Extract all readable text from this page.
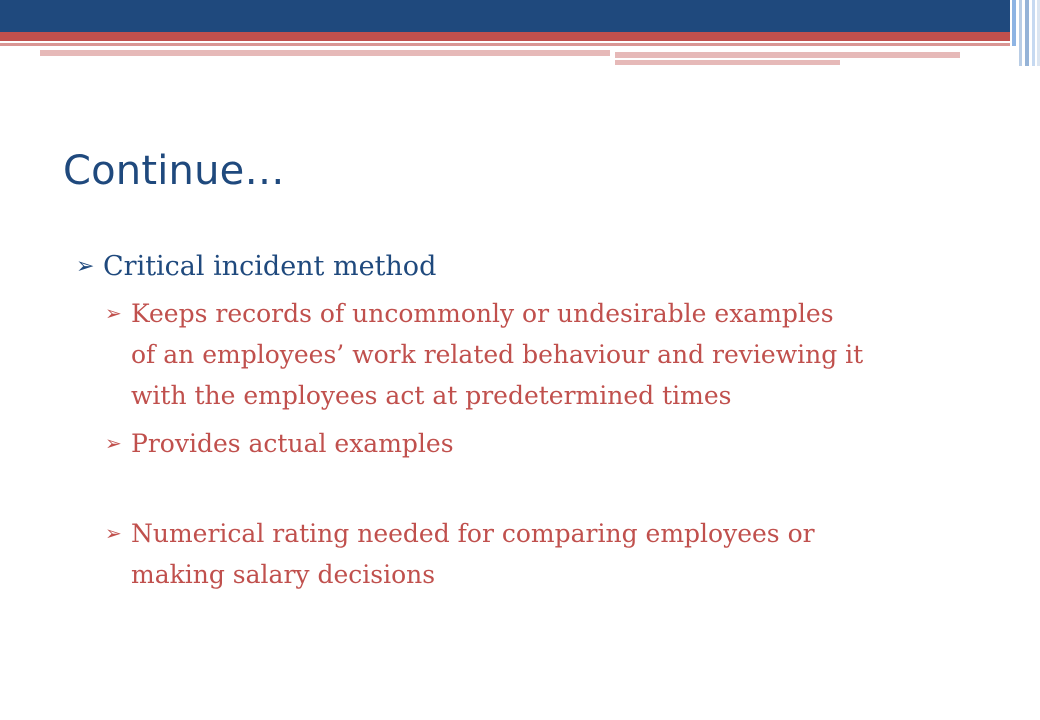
Continue…
➢ Critical incident method
➢ Keeps records of uncommonly or undesirable examples
of an employees’ work related behaviour and reviewing it
with the employees act at predetermined times
➢ Provides actual examples
➢ Numerical rating needed for comparing employees or
making salary decisions
